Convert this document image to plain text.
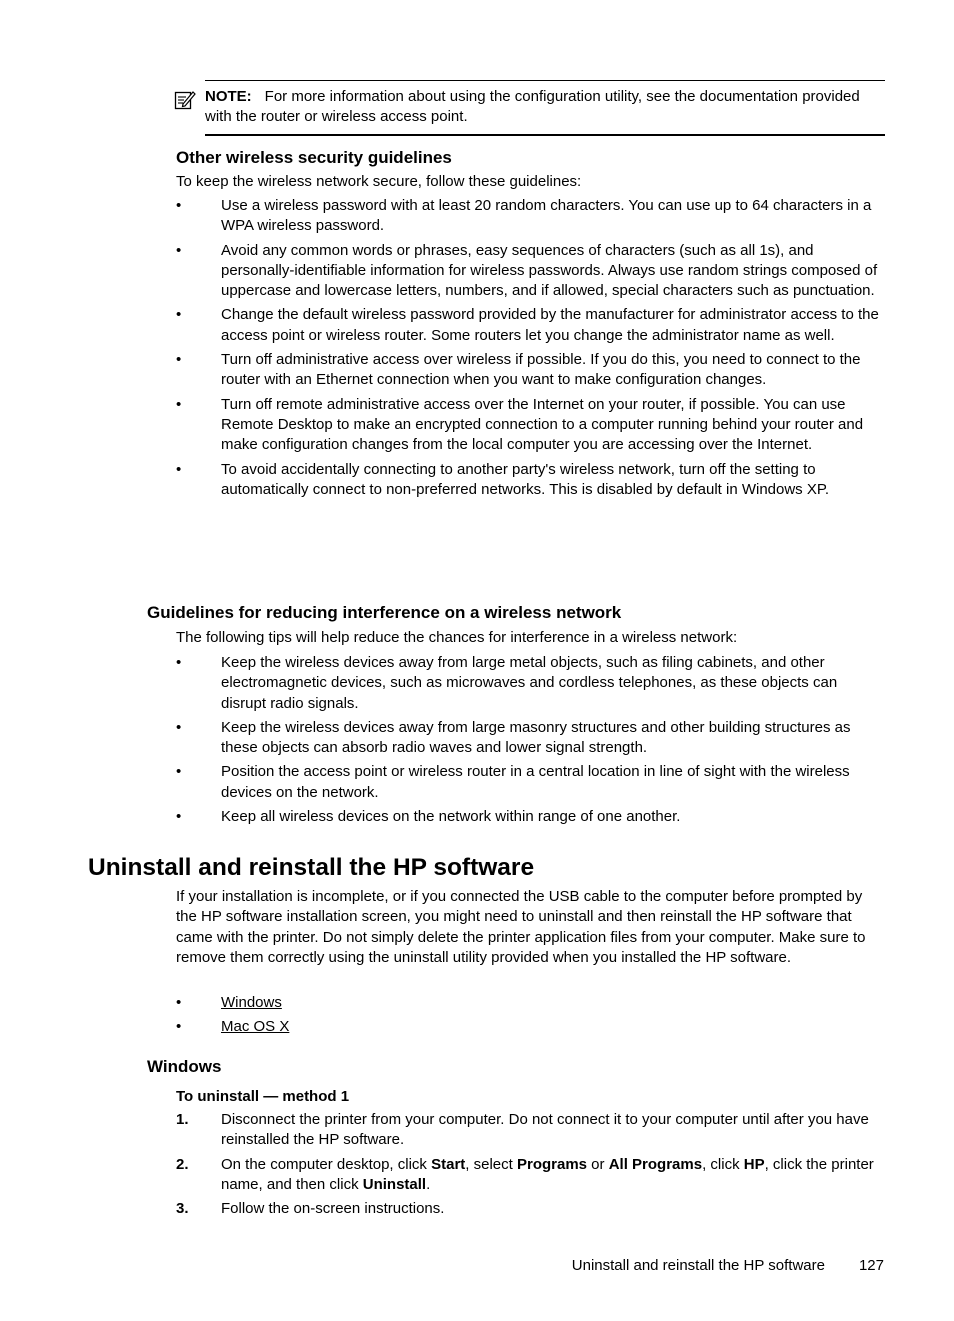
NOTE: For more information about using the configuration utility, see the documentation provided with the router or wireless access point.
Other wireless security guidelines
To keep the wireless network secure, follow these guidelines:
•	Use a wireless password with at least 20 random characters. You can use up to 64 characters in a WPA wireless password.
•	Avoid any common words or phrases, easy sequences of characters (such as all 1s), and personally-identifiable information for wireless passwords. Always use random strings composed of uppercase and lowercase letters, numbers, and if allowed, special characters such as punctuation.
•	Change the default wireless password provided by the manufacturer for administrator access to the access point or wireless router. Some routers let you change the administrator name as well.
•	Turn off administrative access over wireless if possible. If you do this, you need to connect to the router with an Ethernet connection when you want to make configuration changes.
•	Turn off remote administrative access over the Internet on your router, if possible. You can use Remote Desktop to make an encrypted connection to a computer running behind your router and make configuration changes from the local computer you are accessing over the Internet.
•	To avoid accidentally connecting to another party's wireless network, turn off the setting to automatically connect to non-preferred networks. This is disabled by default in Windows XP.
Guidelines for reducing interference on a wireless network
The following tips will help reduce the chances for interference in a wireless network:
•	Keep the wireless devices away from large metal objects, such as filing cabinets, and other electromagnetic devices, such as microwaves and cordless telephones, as these objects can disrupt radio signals.
•	Keep the wireless devices away from large masonry structures and other building structures as these objects can absorb radio waves and lower signal strength.
•	Position the access point or wireless router in a central location in line of sight with the wireless devices on the network.
•	Keep all wireless devices on the network within range of one another.
Uninstall and reinstall the HP software
If your installation is incomplete, or if you connected the USB cable to the computer before prompted by the HP software installation screen, you might need to uninstall and then reinstall the HP software that came with the printer. Do not simply delete the printer application files from your computer. Make sure to remove them correctly using the uninstall utility provided when you installed the HP software.
•	Windows
•	Mac OS X
Windows
To uninstall — method 1
1. Disconnect the printer from your computer. Do not connect it to your computer until after you have reinstalled the HP software.
2. On the computer desktop, click Start, select Programs or All Programs, click HP, click the printer name, and then click Uninstall.
3. Follow the on-screen instructions.
Uninstall and reinstall the HP software 127
